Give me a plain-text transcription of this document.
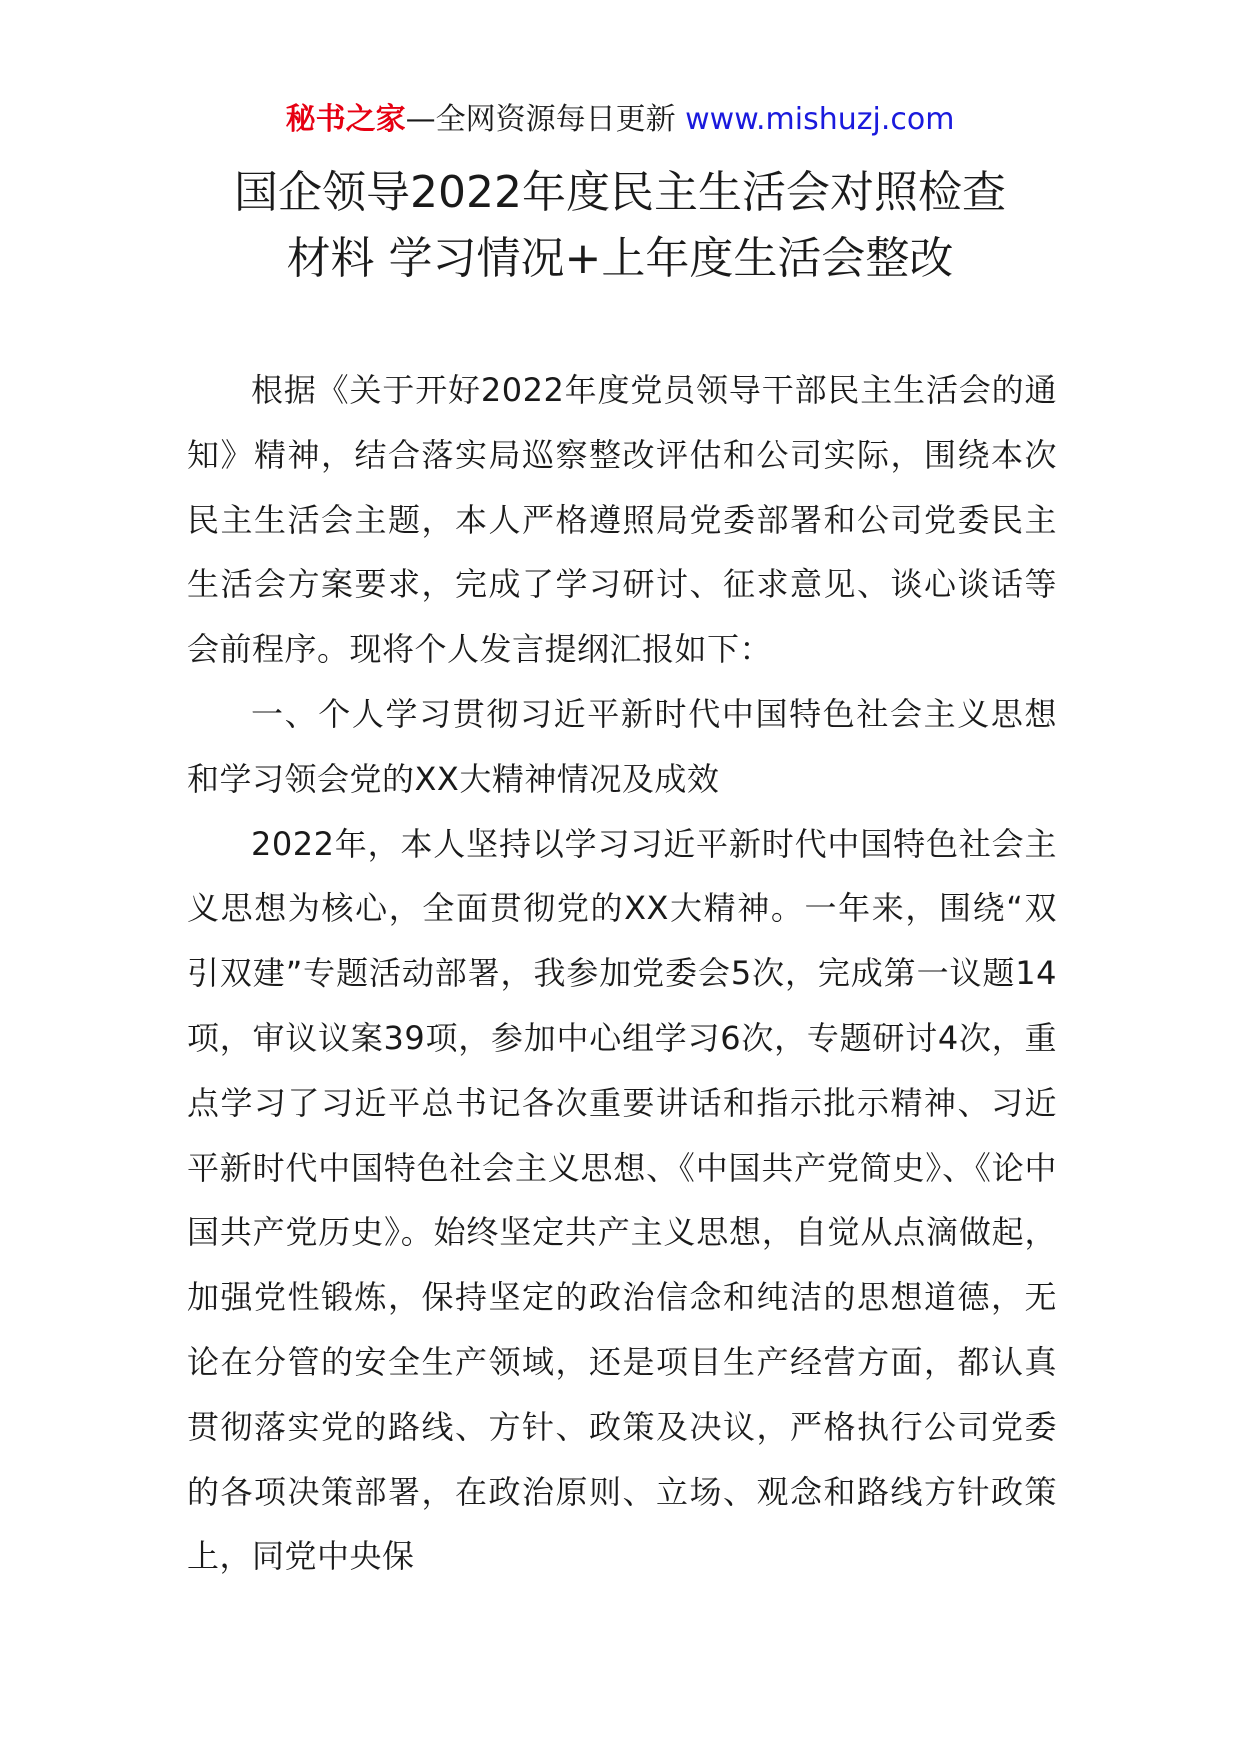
秘书之家—全网资源每日更新 www.mishuzj.com
国企领导2022年度民主生活会对照检查
材料 学习情况+上年度生活会整改

根据《关于开好2022年度党员领导干部民主生活会的通知》精神，结合落实局巡察整改评估和公司实际，围绕本次民主生活会主题，本人严格遵照局党委部署和公司党委民主生活会方案要求，完成了学习研讨、征求意见、谈心谈话等会前程序。现将个人发言提纲汇报如下：

一、个人学习贯彻习近平新时代中国特色社会主义思想和学习领会党的XX大精神情况及成效

2022年，本人坚持以学习习近平新时代中国特色社会主义思想为核心，全面贯彻党的XX大精神。一年来，围绕“双引双建”专题活动部署，我参加党委会5次，完成第一议题14项，审议议案39项，参加中心组学习6次，专题研讨4次，重点学习了习近平总书记各次重要讲话和指示批示精神、习近平新时代中国特色社会主义思想、《中国共产党简史》、《论中国共产党历史》。始终坚定共产主义思想，自觉从点滴做起，加强党性锻炼，保持坚定的政治信念和纯洁的思想道德，无论在分管的安全生产领域，还是项目生产经营方面，都认真贯彻落实党的路线、方针、政策及决议，严格执行公司党委的各项决策部署，在政治原则、立场、观念和路线方针政策上，同党中央保
